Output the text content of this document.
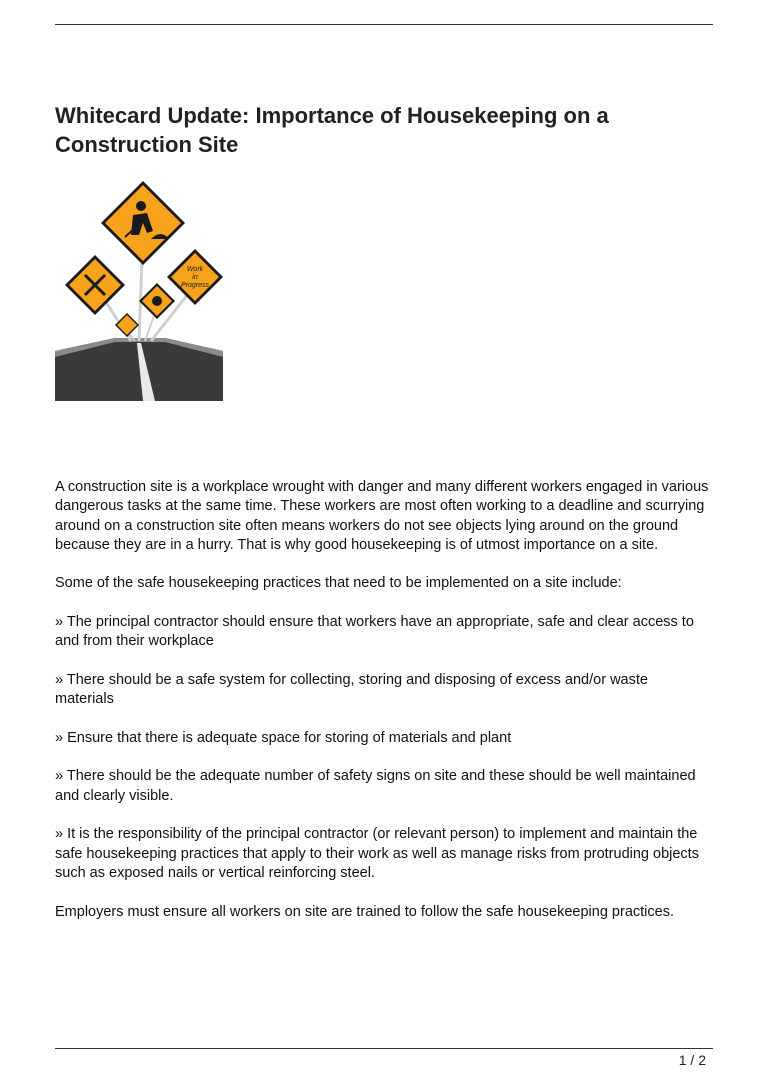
Whitecard Update: Importance of Housekeeping on a Construction Site
Work
in
Progress

A construction site is a workplace wrought with danger and many different workers engaged in various dangerous tasks at the same time. These workers are most often working to a deadline and scurrying around on a construction site often means workers do not see objects lying around on the ground because they are in a hurry. That is why good housekeeping is of utmost importance on a site.

Some of the safe housekeeping practices that need to be implemented on a site include:

» The principal contractor should ensure that workers have an appropriate, safe and clear access to and from their workplace

» There should be a safe system for collecting, storing and disposing of excess and/or waste materials

» Ensure that there is adequate space for storing of materials and plant

» There should be the adequate number of safety signs on site and these should be well maintained and clearly visible.

» It is the responsibility of the principal contractor (or relevant person) to implement and maintain the safe housekeeping practices that apply to their work as well as manage risks from protruding objects such as exposed nails or vertical reinforcing steel.

Employers must ensure all workers on site are trained to follow the safe housekeeping practices.

1 / 2
